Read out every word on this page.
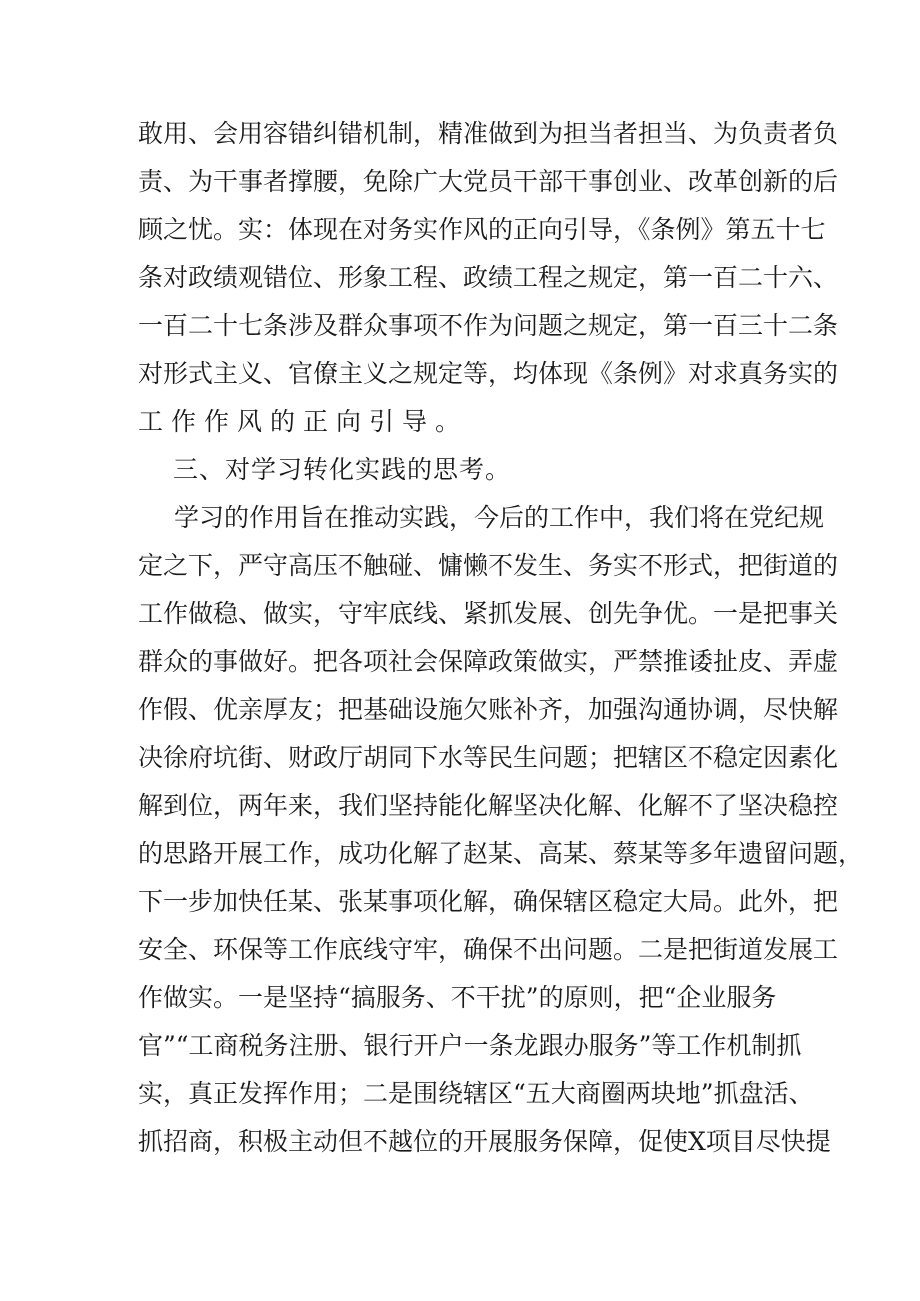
敢用、会用容错纠错机制，精准做到为担当者担当、为负责者负
责、为干事者撑腰，免除广大党员干部干事创业、改革创新的后
顾之忧。实：体现在对务实作风的正向引导，《条例》第五十七
条对政绩观错位、形象工程、政绩工程之规定，第一百二十六、
一百二十七条涉及群众事项不作为问题之规定，第一百三十二条
对形式主义、官僚主义之规定等，均体现《条例》对求真务实的
工作作风的正向引导。
三、对学习转化实践的思考。
学习的作用旨在推动实践，今后的工作中，我们将在党纪规
定之下，严守高压不触碰、慵懒不发生、务实不形式，把街道的
工作做稳、做实，守牢底线、紧抓发展、创先争优。一是把事关
群众的事做好。把各项社会保障政策做实，严禁推诿扯皮、弄虚
作假、优亲厚友；把基础设施欠账补齐，加强沟通协调，尽快解
决徐府坑街、财政厅胡同下水等民生问题；把辖区不稳定因素化
解到位，两年来，我们坚持能化解坚决化解、化解不了坚决稳控
的思路开展工作，成功化解了赵某、高某、蔡某等多年遗留问题，
下一步加快任某、张某事项化解，确保辖区稳定大局。此外，把
安全、环保等工作底线守牢，确保不出问题。二是把街道发展工
作做实。一是坚持“搞服务、不干扰”的原则，把“企业服务
官”“工商税务注册、银行开户一条龙跟办服务”等工作机制抓
实，真正发挥作用；二是围绕辖区“五大商圈两块地”抓盘活、
抓招商，积极主动但不越位的开展服务保障，促使X项目尽快提
